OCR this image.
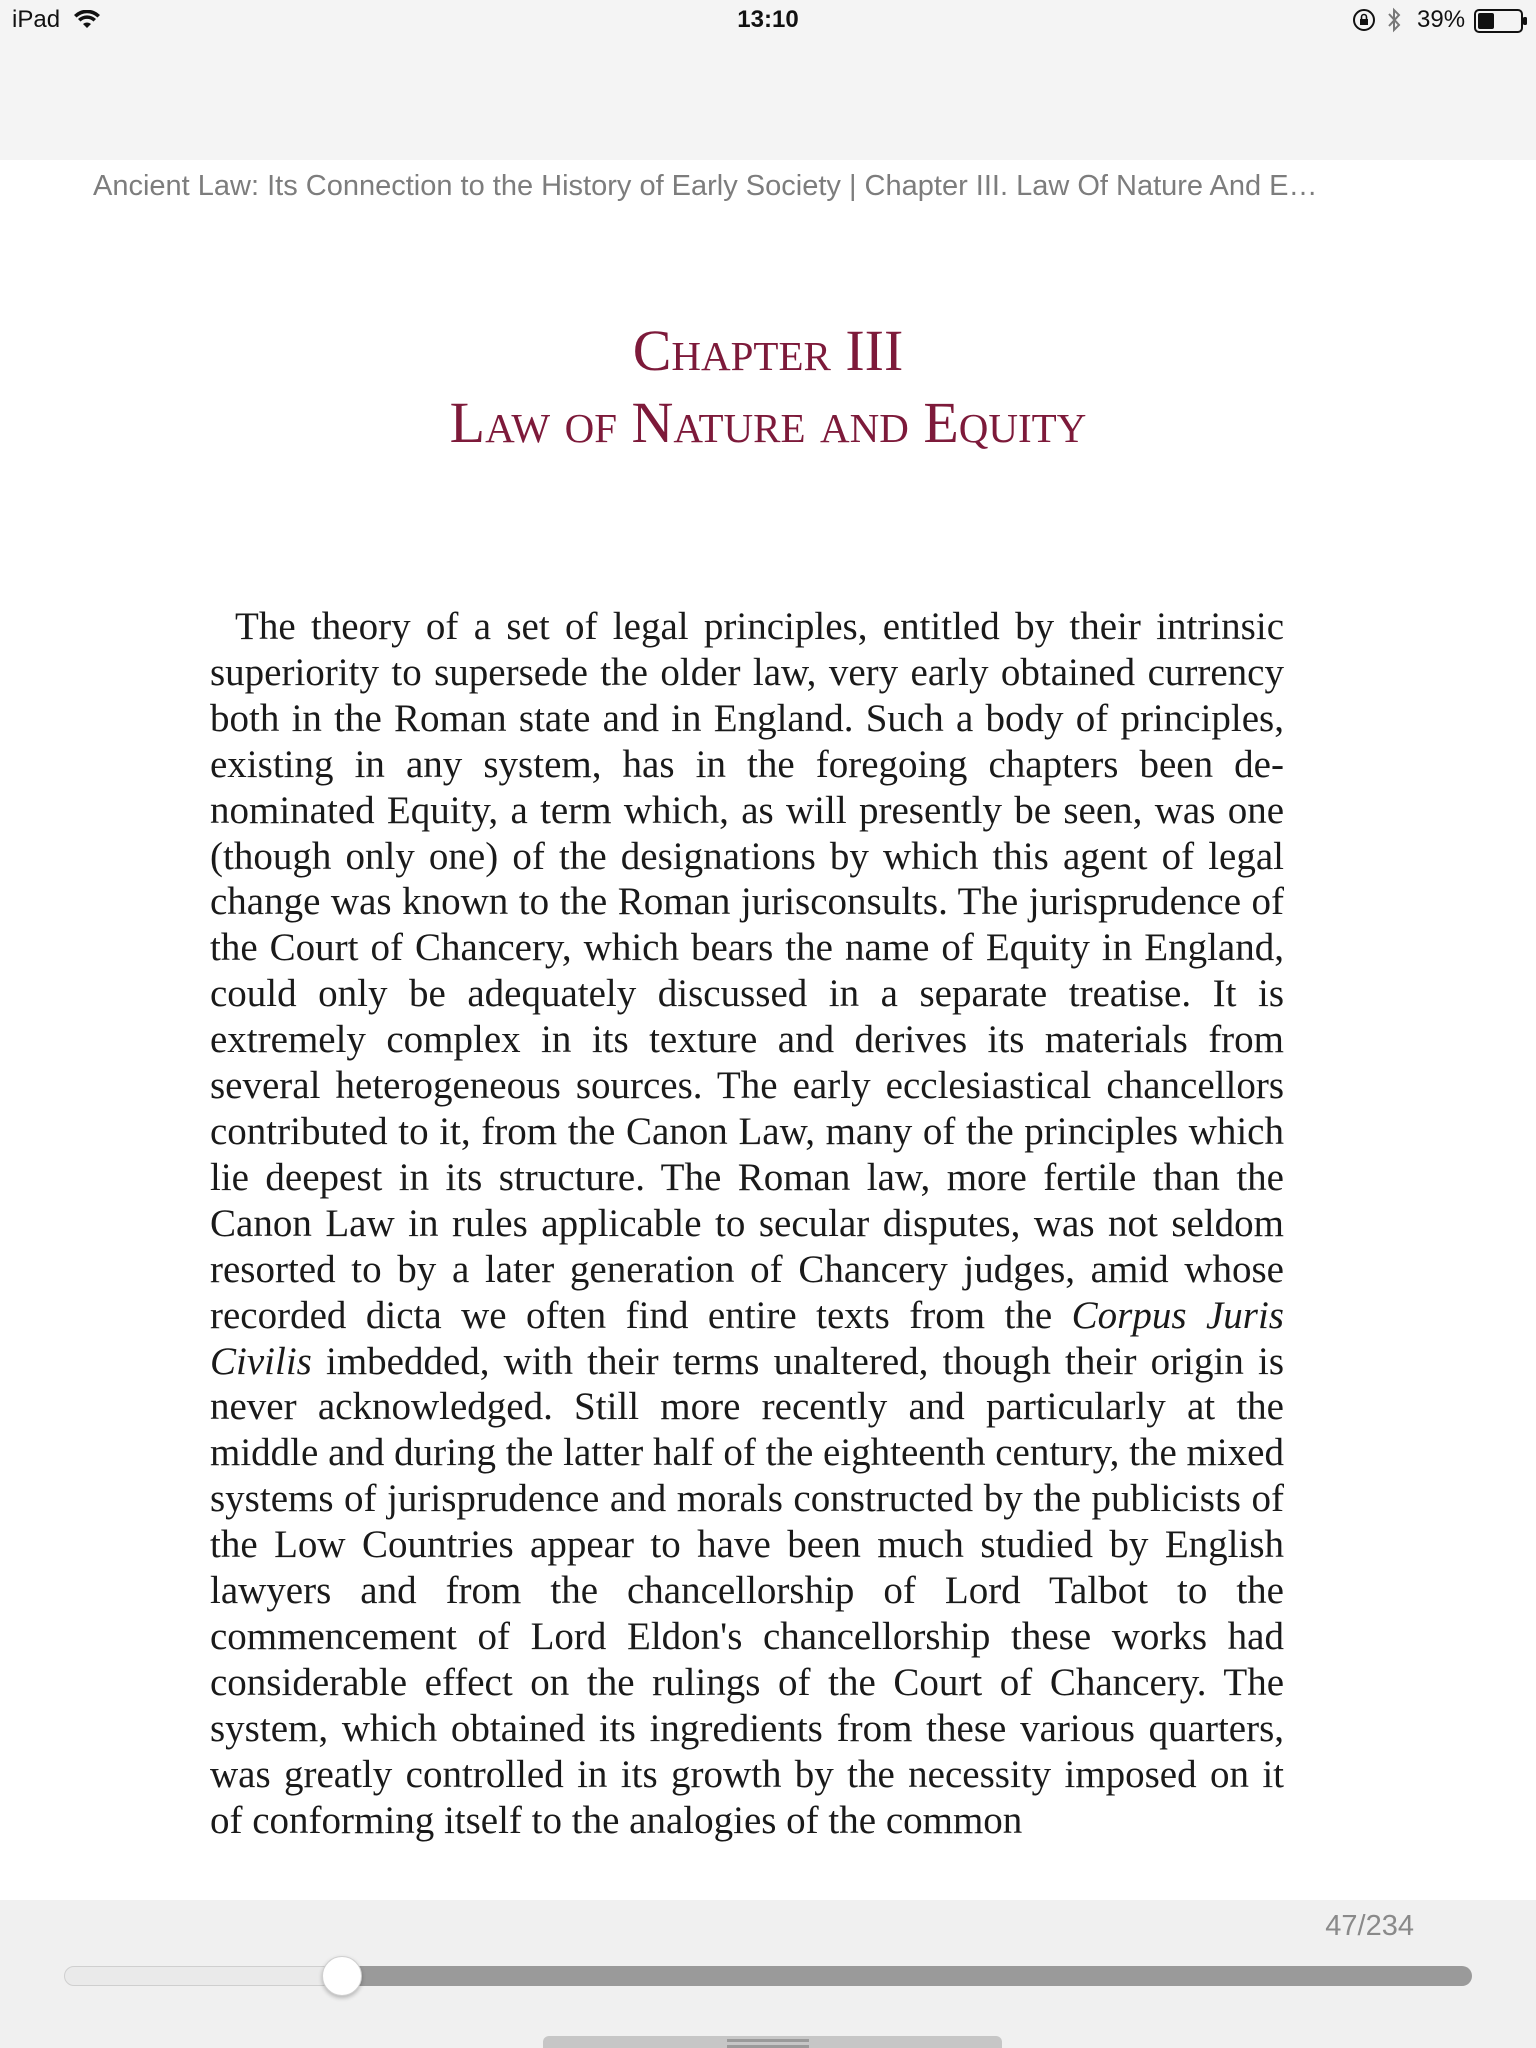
iPad	13:10	39%
Ancient Law: Its Connection to the History of Early Society | Chapter III. Law Of Nature And E…
Chapter III
Law of Nature and Equity

The theory of a set of legal principles, entitled by their intrinsic superiority to supersede the older law, very early obtained currency both in the Roman state and in England. Such a body of principles, existing in any system, has in the foregoing chapters been denominated Equity, a term which, as will presently be seen, was one (though only one) of the designations by which this agent of legal change was known to the Roman jurisconsults. The jurisprudence of the Court of Chancery, which bears the name of Equity in England, could only be adequately discussed in a separate treatise. It is extremely complex in its texture and derives its materials from several heterogeneous sources. The early ecclesiastical chancellors contributed to it, from the Canon Law, many of the principles which lie deepest in its structure. The Roman law, more fertile than the Canon Law in rules applicable to secular disputes, was not seldom resorted to by a later generation of Chancery judges, amid whose recorded dicta we often find entire texts from the Corpus Juris Civilis imbedded, with their terms unaltered, though their origin is never acknowledged. Still more recently and particularly at the middle and during the latter half of the eighteenth century, the mixed systems of jurisprudence and morals constructed by the publicists of the Low Countries appear to have been much studied by English lawyers and from the chancellorship of Lord Talbot to the commencement of Lord Eldon's chancellorship these works had considerable effect on the rulings of the Court of Chancery. The system, which obtained its ingredients from these various quarters, was greatly controlled in its growth by the necessity imposed on it of conforming itself to the analogies of the common

47/234
